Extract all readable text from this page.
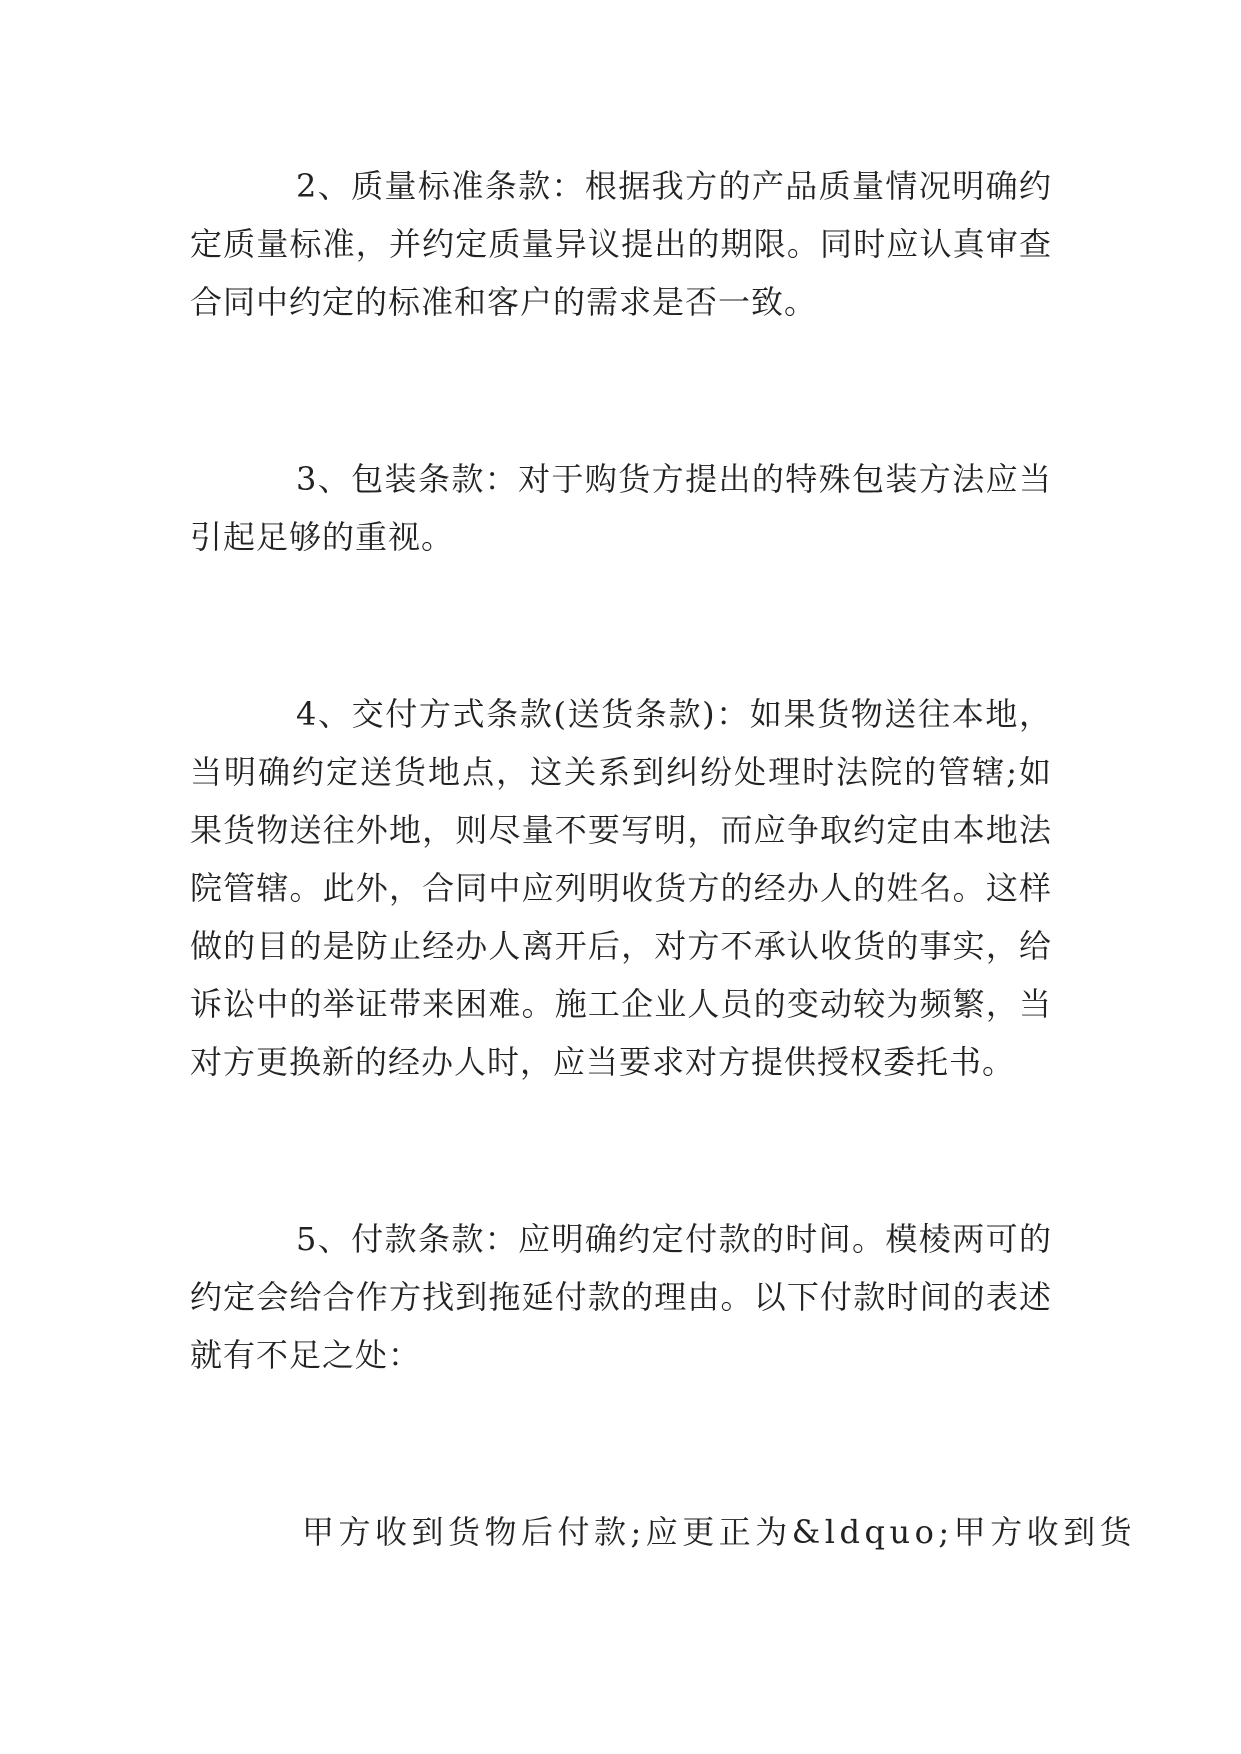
2、质量标准条款：根据我方的产品质量情况明确约
定质量标准，并约定质量异议提出的期限。同时应认真审查
合同中约定的标准和客户的需求是否一致。
3、包装条款：对于购货方提出的特殊包装方法应当
引起足够的重视。
4、交付方式条款(送货条款)：如果货物送往本地，
当明确约定送货地点，这关系到纠纷处理时法院的管辖;如
果货物送往外地，则尽量不要写明，而应争取约定由本地法
院管辖。此外，合同中应列明收货方的经办人的姓名。这样
做的目的是防止经办人离开后，对方不承认收货的事实，给
诉讼中的举证带来困难。施工企业人员的变动较为频繁，当
对方更换新的经办人时，应当要求对方提供授权委托书。
5、付款条款：应明确约定付款的时间。模棱两可的
约定会给合作方找到拖延付款的理由。以下付款时间的表述
就有不足之处：
甲方收到货物后付款;应更正为&ldquo;甲方收到货
